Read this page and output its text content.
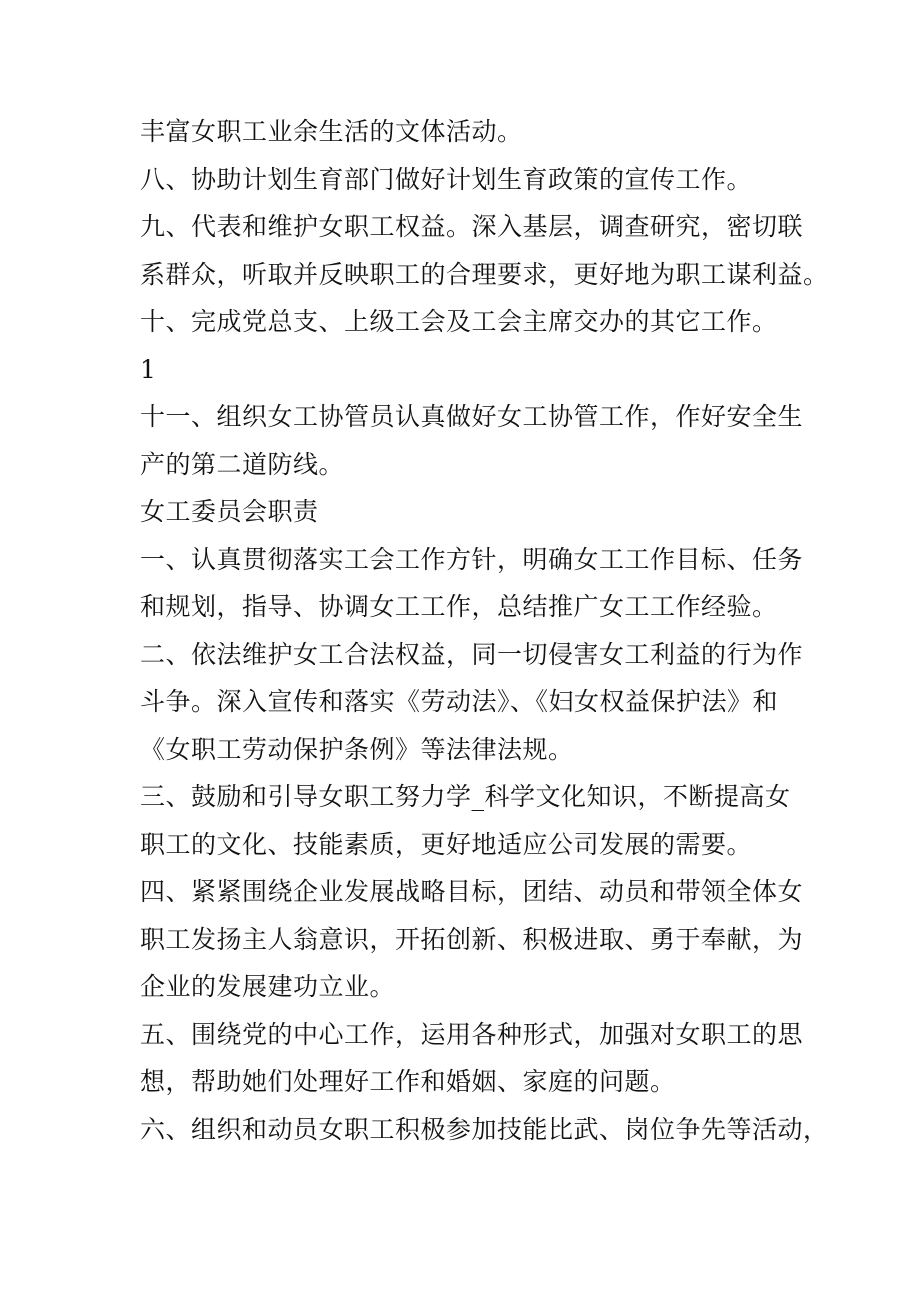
丰富女职工业余生活的文体活动。
八、协助计划生育部门做好计划生育政策的宣传工作。
九、代表和维护女职工权益。深入基层，调查研究，密切联
系群众，听取并反映职工的合理要求，更好地为职工谋利益。
十、完成党总支、上级工会及工会主席交办的其它工作。
1
十一、组织女工协管员认真做好女工协管工作，作好安全生
产的第二道防线。
女工委员会职责
一、认真贯彻落实工会工作方针，明确女工工作目标、任务
和规划，指导、协调女工工作，总结推广女工工作经验。
二、依法维护女工合法权益，同一切侵害女工利益的行为作
斗争。深入宣传和落实《劳动法》、《妇女权益保护法》和
《女职工劳动保护条例》等法律法规。
三、鼓励和引导女职工努力学_科学文化知识，不断提高女
职工的文化、技能素质，更好地适应公司发展的需要。
四、紧紧围绕企业发展战略目标，团结、动员和带领全体女
职工发扬主人翁意识，开拓创新、积极进取、勇于奉献，为
企业的发展建功立业。
五、围绕党的中心工作，运用各种形式，加强对女职工的思
想，帮助她们处理好工作和婚姻、家庭的问题。
六、组织和动员女职工积极参加技能比武、岗位争先等活动，
